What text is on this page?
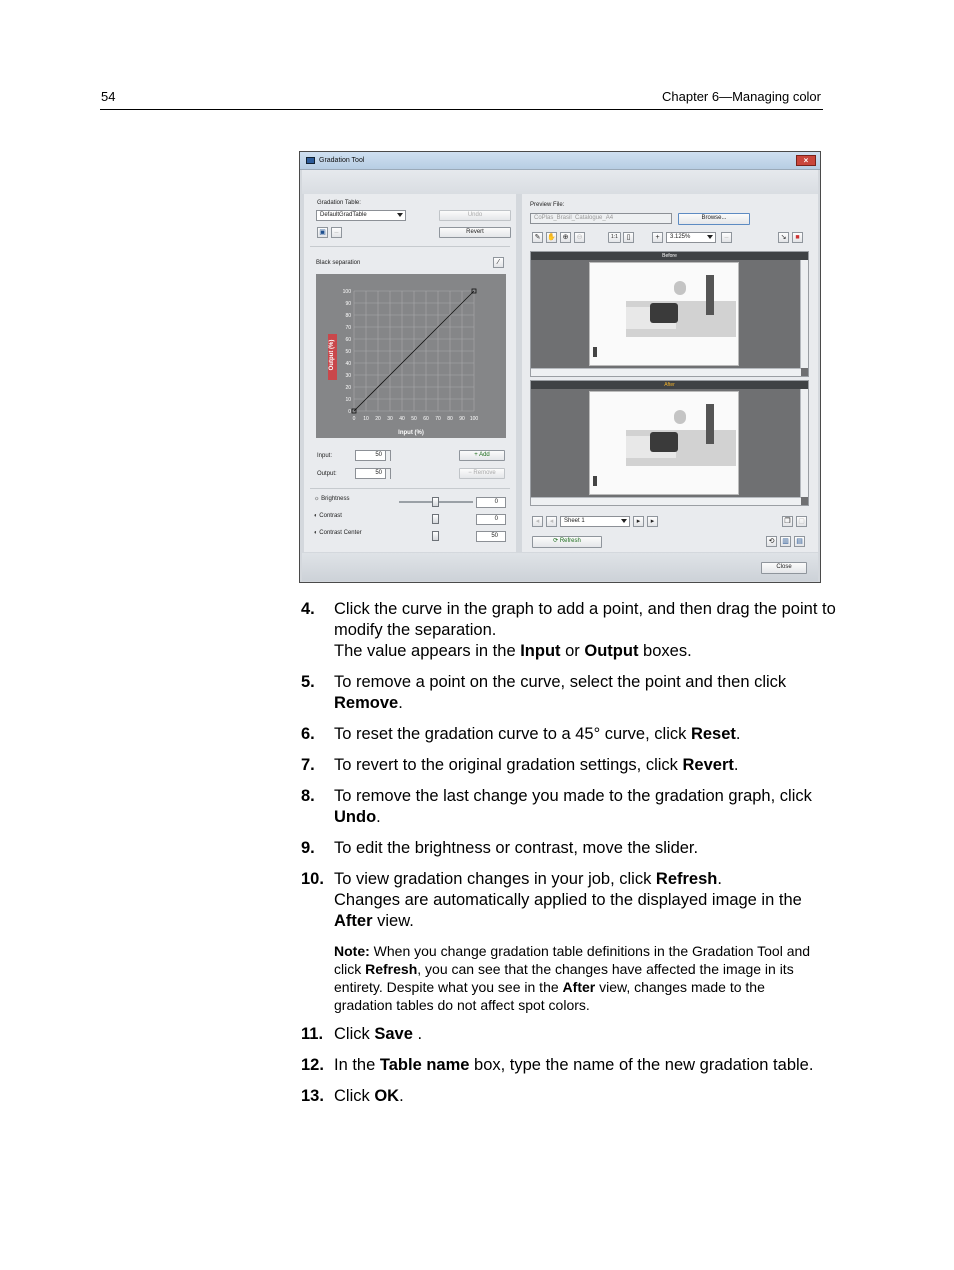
54	Chapter 6—Managing color
Gradation Tool	×
Gradation Table:
DefaultGradTable	Undo
▣	–	Revert
Black separation	⁄
100
90
80
70
60
50
40
30
20
10
0
0 10 20 30 40 50 60 70 80 90 100
Input (%)
Output (%)
Input:	50	+ Add
Output:	50	− Remove
☼ Brightness	0
◐ Contrast	0
◐ Contrast Center	50
Preview File:
CoPlas_Brasil_Catalogue_A4	Browse...
✎ ✋ ⊕	⊖	1:1	▯	+	3.125%	–	↘	■
Before
After
◂	◂	Sheet 1	▸	▸	❐	▢
⟳ Refresh	⟲	▥	▤
Close
4. Click the curve in the graph to add a point, and then drag the point to modify the separation.
The value appears in the Input or Output boxes.

5. To remove a point on the curve, select the point and then click Remove.

6. To reset the gradation curve to a 45° curve, click Reset.

7. To revert to the original gradation settings, click Revert.

8. To remove the last change you made to the gradation graph, click Undo.

9. To edit the brightness or contrast, move the slider.

10. To view gradation changes in your job, click Refresh.
Changes are automatically applied to the displayed image in the After view.

Note: When you change gradation table definitions in the Gradation Tool and click Refresh, you can see that the changes have affected the image in its entirety. Despite what you see in the After view, changes made to the gradation tables do not affect spot colors.
11. Click Save .

12. In the Table name box, type the name of the new gradation table.

13. Click OK.
